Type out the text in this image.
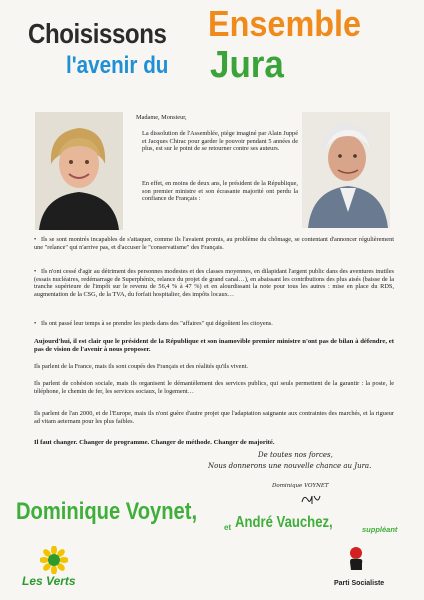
Choisissons Ensemble
l'avenir du Jura
Madame, Monsieur,
La dissolution de l'Assemblée, piège imaginé par Alain Juppé et Jacques Chirac pour garder le pouvoir pendant 5 années de plus, est sur le point de se retourner contre ses auteurs.
En effet, en moins de deux ans, le président de la République, son premier ministre et son écrasante majorité ont perdu la confiance de Français :
• Ils se sont montrés incapables de s'attaquer, comme ils l'avaient promis, au problème du chômage, se contentant d'annoncer régulièrement une "relance" qui n'arrive pas, et d'accuser le "conservatisme" des Français.
• Ils n'ont cessé d'agir au détriment des personnes modestes et des classes moyennes, en dilapidant l'argent public dans des aventures inutiles (essais nucléaires, redémarrage de Superphénix, relance du projet de grand canal…), en abaissant les contributions des plus aisés (baisse de la tranche supérieure de l'impôt sur le revenu de 56,4 % à 47 %) et en alourdissant la note pour tous les autres : mise en place du RDS, augmentation de la CSG, de la TVA, du forfait hospitalier, des impôts locaux…
• Ils ont passé leur temps à se prendre les pieds dans des "affaires" qui dégoûtent les citoyens.
Aujourd'hui, il est clair que le président de la République et son inamovible premier ministre n'ont pas de bilan à défendre, et pas de vision de l'avenir à nous proposer.
Ils parlent de la France, mais ils sont coupés des Français et des réalités qu'ils vivent.
Ils parlent de cohésion sociale, mais ils organisent le démantèlement des services publics, qui seuls permettent de la garantir : la poste, le téléphone, le chemin de fer, les services sociaux, le logement…
Ils parlent de l'an 2000, et de l'Europe, mais ils n'ont guère d'autre projet que l'adaptation saignante aux contraintes des marchés, et la rigueur ad vitam aeternam pour les plus faibles.
Il faut changer. Changer de programme. Changer de méthode. Changer de majorité.
De toutes nos forces,
Nous donnerons une nouvelle chance au Jura.
Dominique VOYNET
Dominique Voynet,
et André Vauchez,	suppléant
Les Verts	Parti Socialiste
